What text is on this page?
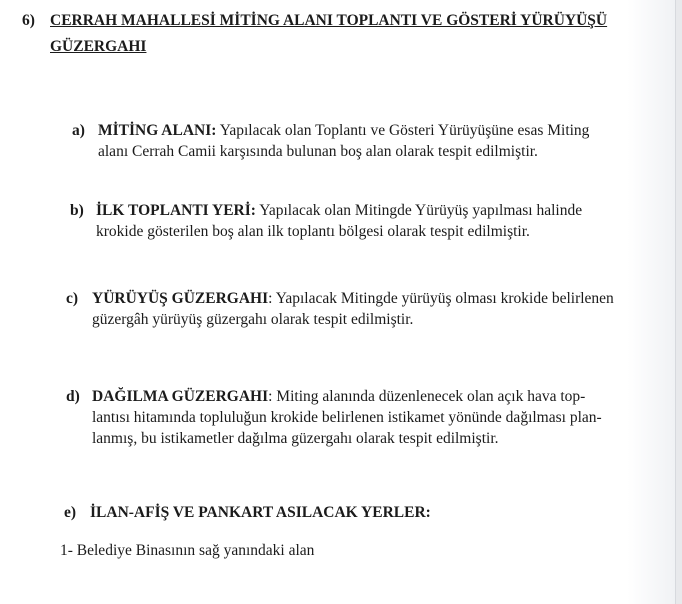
6) CERRAH MAHALLESİ MİTİNG ALANI TOPLANTI VE GÖSTERİ YÜRÜYÜŞÜ
GÜZERGAHI
a) MİTİNG ALANI: Yapılacak olan Toplantı ve Gösteri Yürüyüşüne esas Miting
alanı Cerrah Camii karşısında bulunan boş alan olarak tespit edilmiştir.
b) İLK TOPLANTI YERİ: Yapılacak olan Mitingde Yürüyüş yapılması halinde
krokide gösterilen boş alan ilk toplantı bölgesi olarak tespit edilmiştir.
c) YÜRÜYÜŞ GÜZERGAHI: Yapılacak Mitingde yürüyüş olması krokide belirlenen
güzergâh yürüyüş güzergahı olarak tespit edilmiştir.
d) DAĞILMA GÜZERGAHI: Miting alanında düzenlenecek olan açık hava top-
lantısı hitamında topluluğun krokide belirlenen istikamet yönünde dağılması plan-
lanmış, bu istikametler dağılma güzergahı olarak tespit edilmiştir.
e) İLAN-AFİŞ VE PANKART ASILACAK YERLER:
1- Belediye Binasının sağ yanındaki alan
